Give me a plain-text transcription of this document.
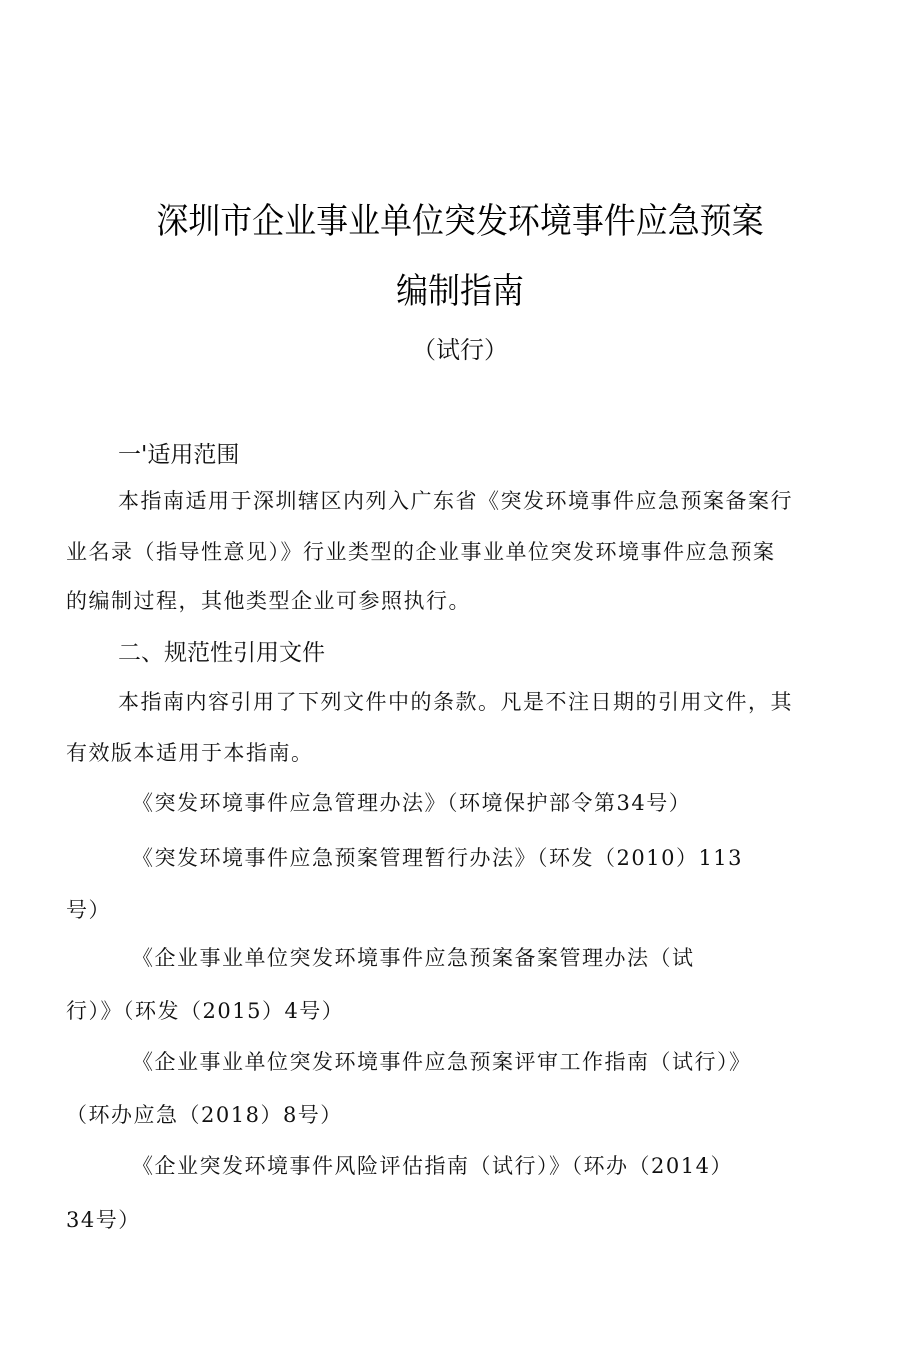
深圳市企业事业单位突发环境事件应急预案
编制指南
（试行）
一'适用范围
本指南适用于深圳辖区内列入广东省《突发环境事件应急预案备案行
业名录（指导性意见）》行业类型的企业事业单位突发环境事件应急预案
的编制过程，其他类型企业可参照执行。
二、规范性引用文件
本指南内容引用了下列文件中的条款。凡是不注日期的引用文件，其
有效版本适用于本指南。
《突发环境事件应急管理办法》（环境保护部令第34号）
《突发环境事件应急预案管理暂行办法》（环发（2010）113
号）
《企业事业单位突发环境事件应急预案备案管理办法（试
行）》（环发（2015）4号）
《企业事业单位突发环境事件应急预案评审工作指南（试行）》
（环办应急（2018）8号）
《企业突发环境事件风险评估指南（试行）》（环办（2014）
34号）
